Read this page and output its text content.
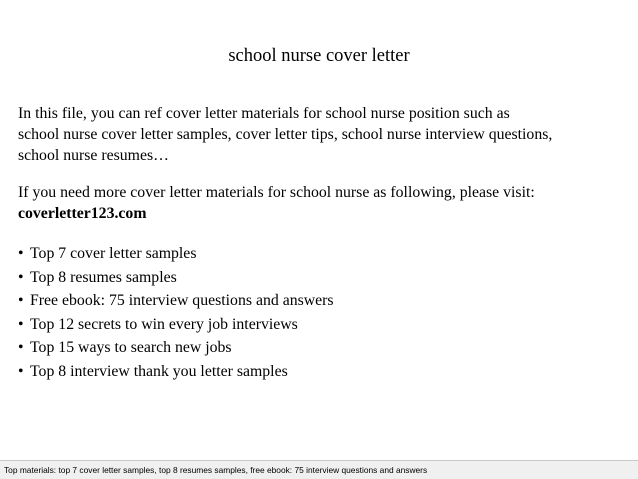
school nurse cover letter
In this file, you can ref cover letter materials for school nurse position such as
school nurse cover letter samples, cover letter tips, school nurse interview questions,
school nurse resumes…
If you need more cover letter materials for school nurse as following, please visit:
coverletter123.com
• Top 7 cover letter samples
• Top 8 resumes samples
• Free ebook: 75 interview questions and answers
• Top 12 secrets to win every job interviews
• Top 15 ways to search new jobs
• Top 8 interview thank you letter samples
Top materials: top 7 cover letter samples, top 8 resumes samples, free ebook: 75 interview questions and answers
